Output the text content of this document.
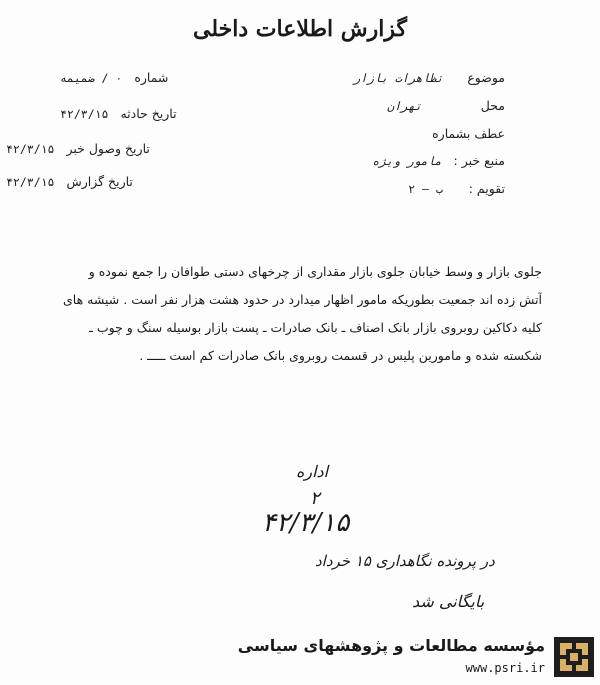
گزارش اطلاعات داخلی
موضوع تظاهرات بازار
محل تهران
عطف بشماره
منبع خبر : مامور ویژه
تقویم : ب – ۲
شماره ۰ / ضمیمه
تاریخ حادثه ۴۲/۳/۱۵
تاریخ وصول خبر ۴۲/۳/۱۵
تاریخ گزارش ۴۲/۳/۱۵
جلوی بازار و وسط خیابان جلوی بازار مقداری از چرخهای دستی طوافان را جمع نموده و
آتش زده اند جمعیت بطوریکه مامور اظهار میدارد در حدود هشت هزار نفر است . شیشه های
کلیه دکاکین روبروی بازار بانک اصناف ـ بانک صادرات ـ پست بازار بوسیله سنگ و چوب ـ
شکسته شده و مامورین پلیس در قسمت روبروی بانک صادرات کم است ـــــ .
اداره
۲
۴۲/۳/۱۵
در پرونده نگاهداری ۱۵ خرداد
بایگانی شد
مؤسسه مطالعات و پژوهشهای سیاسی
www.psri.ir
